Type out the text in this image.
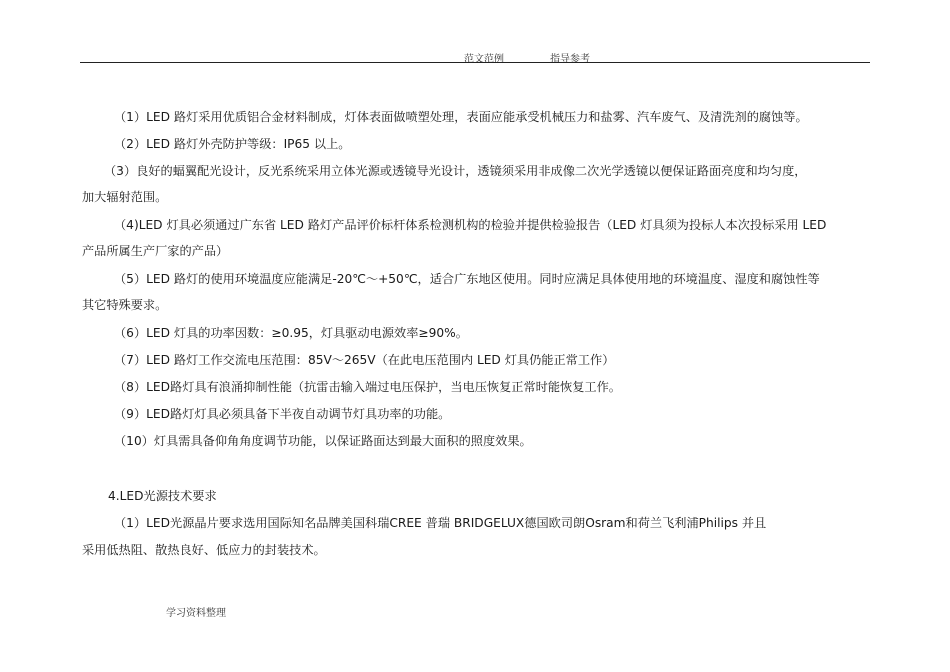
范文范例	指导参考
（1）LED 路灯采用优质铝合金材料制成，灯体表面做喷塑处理，表面应能承受机械压力和盐雾、汽车废气、及清洗剂的腐蚀等。
（2）LED 路灯外壳防护等级：IP65 以上。
（3）良好的蝠翼配光设计，反光系统采用立体光源或透镜导光设计，透镜须采用非成像二次光学透镜以便保证路面亮度和均匀度，
加大辐射范围。
（4)LED 灯具必须通过广东省 LED 路灯产品评价标杆体系检测机构的检验并提供检验报告（LED 灯具须为投标人本次投标采用 LED
产品所属生产厂家的产品）
（5）LED 路灯的使用环境温度应能满足-20℃～+50℃，适合广东地区使用。同时应满足具体使用地的环境温度、湿度和腐蚀性等
其它特殊要求。
（6）LED 灯具的功率因数：≥0.95，灯具驱动电源效率≥90%。
（7）LED 路灯工作交流电压范围：85V～265V（在此电压范围内 LED 灯具仍能正常工作）
（8）LED路灯具有浪涌抑制性能（抗雷击输入端过电压保护，当电压恢复正常时能恢复工作。
（9）LED路灯灯具必须具备下半夜自动调节灯具功率的功能。
（10）灯具需具备仰角角度调节功能，以保证路面达到最大面积的照度效果。
4.LED光源技术要求
（1）LED光源晶片要求选用国际知名品牌美国科瑞CREE 普瑞 BRIDGELUX德国欧司朗Osram和荷兰飞利浦Philips 并且
采用低热阻、散热良好、低应力的封装技术。
学习资料整理
